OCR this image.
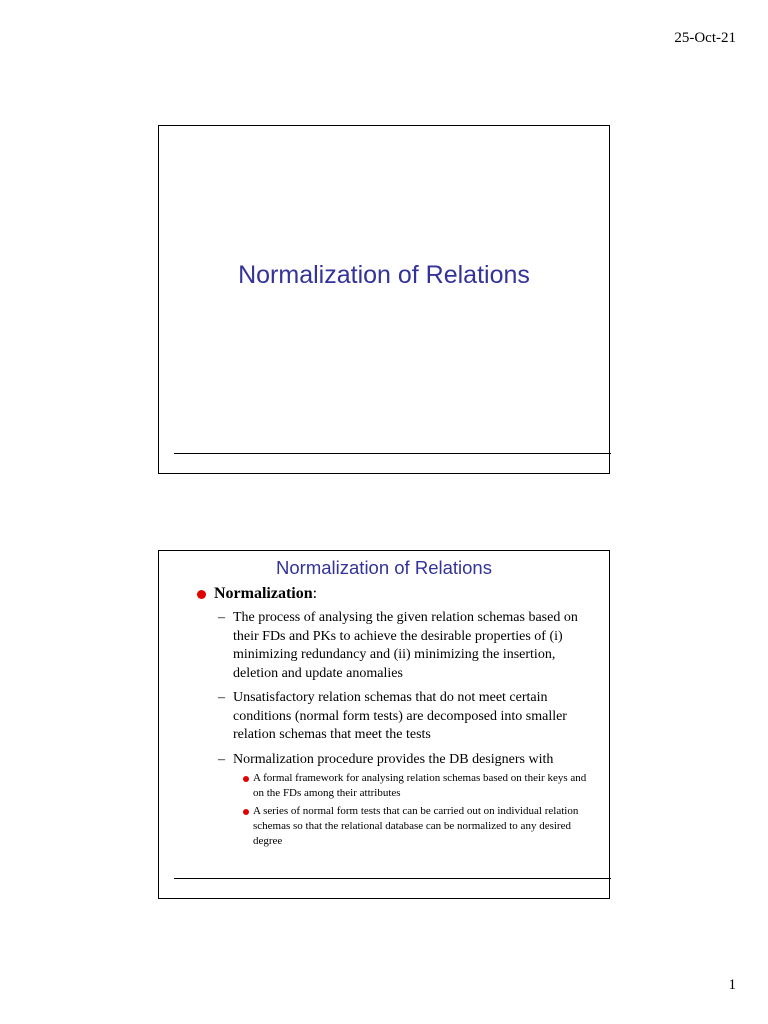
25-Oct-21
Normalization of Relations
Normalization of Relations
Normalization :
– The process of analysing the given relation schemas based on their FDs and PKs to achieve the desirable properties of (i) minimizing redundancy and (ii) minimizing the insertion, deletion and update anomalies
– Unsatisfactory relation schemas that do not meet certain conditions (normal form tests) are decomposed into smaller relation schemas that meet the tests
– Normalization procedure provides the DB designers with
A formal framework for analysing relation schemas based on their keys and on the FDs among their attributes
A series of normal form tests that can be carried out on individual relation schemas so that the relational database can be normalized to any desired degree
1
